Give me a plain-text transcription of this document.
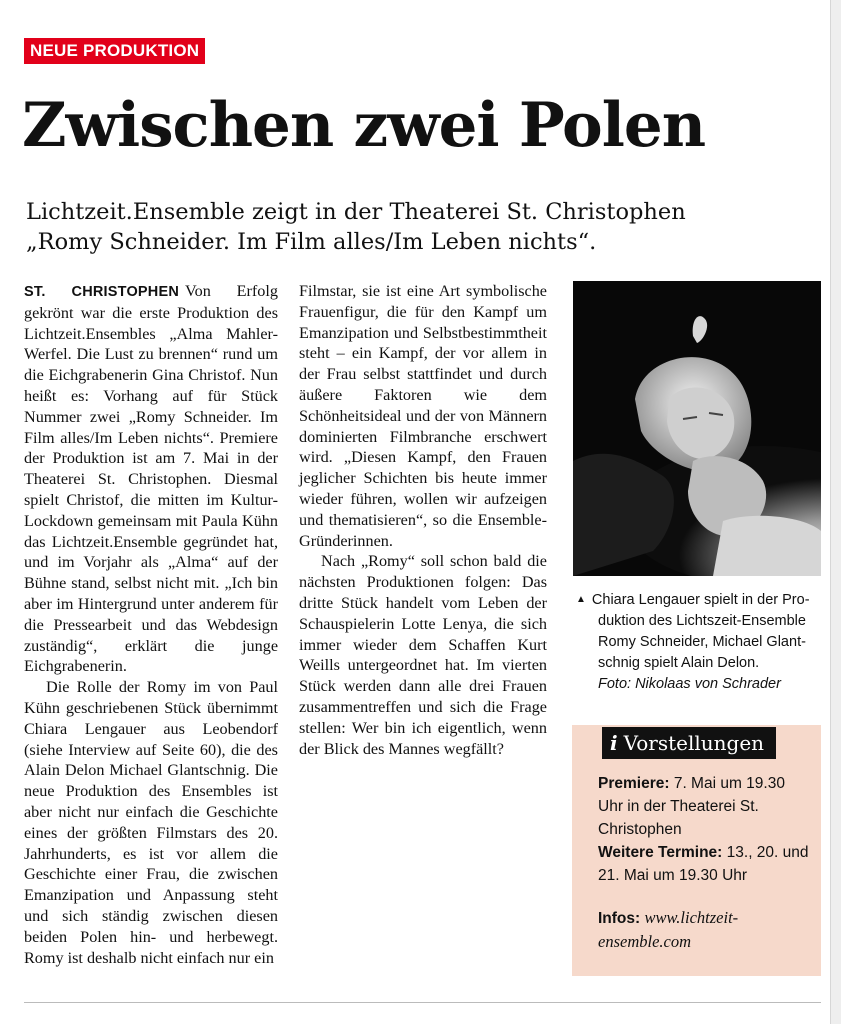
NEUE PRODUKTION
Zwischen zwei Polen
Lichtzeit.Ensemble zeigt in der Theaterei St. Christophen
„Romy Schneider. Im Film alles/Im Leben nichts“.

ST. CHRISTOPHEN Von Erfolg gekrönt war die erste Produktion des Lichtzeit.Ensembles „Alma Mahler-Werfel. Die Lust zu brennen“ rund um die Eichgrabenerin Gina Christof. Nun heißt es: Vorhang auf für Stück Nummer zwei „Romy Schneider. Im Film alles/Im Leben nichts“. Premiere der Produktion ist am 7. Mai in der Theaterei St. Christophen. Diesmal spielt Christof, die mitten im Kultur-Lockdown gemeinsam mit Paula Kühn das Lichtzeit.Ensemble gegründet hat, und im Vorjahr als „Alma“ auf der Bühne stand, selbst nicht mit. „Ich bin aber im Hintergrund unter anderem für die Pressearbeit und das Webdesign zuständig“, erklärt die junge Eichgrabenerin.

Die Rolle der Romy im von Paul Kühn geschriebenen Stück übernimmt Chiara Lengauer aus Leobendorf (siehe Interview auf Seite 60), die des Alain Delon Michael Glantschnig. Die neue Produktion des Ensembles ist aber nicht nur einfach die Geschichte eines der größten Filmstars des 20. Jahrhunderts, es ist vor allem die Geschichte einer Frau, die zwischen Emanzipation und Anpassung steht und sich ständig zwischen diesen beiden Polen hin- und herbewegt. Romy ist deshalb nicht einfach nur ein

Filmstar, sie ist eine Art symbolische Frauenfigur, die für den Kampf um Emanzipation und Selbstbestimmtheit steht – ein Kampf, der vor allem in der Frau selbst stattfindet und durch äußere Faktoren wie dem Schönheitsideal und der von Männern dominierten Filmbranche erschwert wird. „Diesen Kampf, den Frauen jeglicher Schichten bis heute immer wieder führen, wollen wir aufzeigen und thematisieren“, so die Ensemble-Gründerinnen.

Nach „Romy“ soll schon bald die nächsten Produktionen folgen: Das dritte Stück handelt vom Leben der Schauspielerin Lotte Lenya, die sich immer wieder dem Schaffen Kurt Weills untergeordnet hat. Im vierten Stück werden dann alle drei Frauen zusammentreffen und sich die Frage stellen: Wer bin ich eigentlich, wenn der Blick des Mannes wegfällt?

▲ Chiara Lengauer spielt in der Pro-
duktion des Lichtszeit-Ensemble
Romy Schneider, Michael Glant-
schnig spielt Alain Delon.
Foto: Nikolaas von Schrader
i Vorstellungen
Premiere: 7. Mai um 19.30 Uhr in der Theaterei St. Christophen
Weitere Termine: 13., 20. und 21. Mai um 19.30 Uhr
Infos: www.lichtzeit-ensemble.com
